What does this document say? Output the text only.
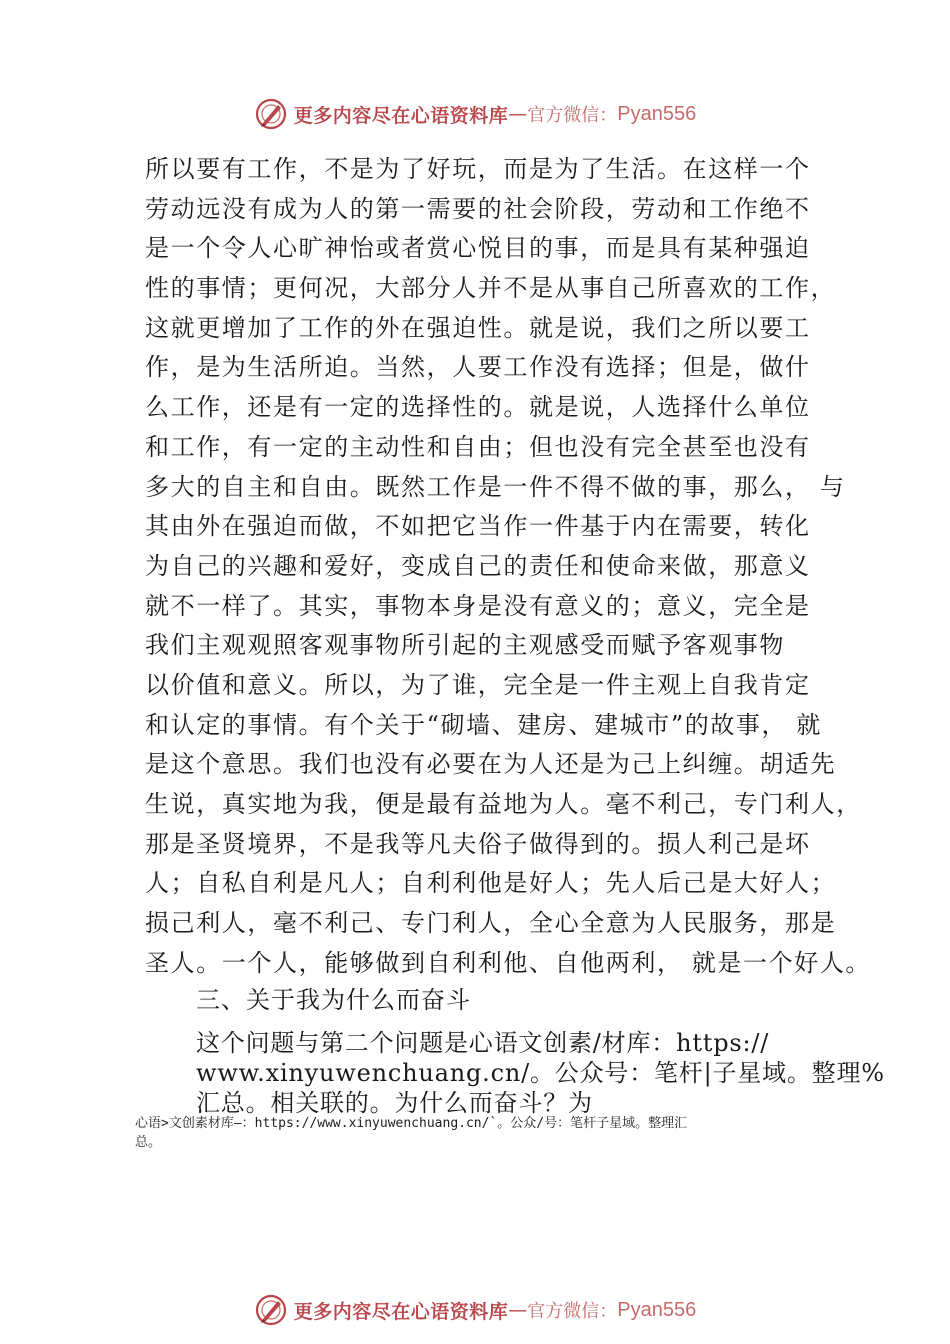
更多内容尽在心语资料库 — 官方微信： Pyan556
所以要有工作，不是为了好玩，而是为了生活。在这样一个
劳动远没有成为人的第一需要的社会阶段，劳动和工作绝不
是一个令人心旷神怡或者赏心悦目的事，而是具有某种强迫
性的事情；更何况，大部分人并不是从事自己所喜欢的工作，
这就更增加了工作的外在强迫性。就是说，我们之所以要工
作，是为生活所迫。当然，人要工作没有选择；但是，做什
么工作，还是有一定的选择性的。就是说，人选择什么单位
和工作，有一定的主动性和自由；但也没有完全甚至也没有
多大的自主和自由。既然工作是一件不得不做的事，那么， 与
其由外在强迫而做，不如把它当作一件基于内在需要，转化
为自己的兴趣和爱好，变成自己的责任和使命来做，那意义
就不一样了。其实，事物本身是没有意义的；意义，完全是
我们主观观照客观事物所引起的主观感受而赋予客观事物
以价值和意义。所以，为了谁，完全是一件主观上自我肯定
和认定的事情。有个关于“砌墙、建房、建城市”的故事， 就
是这个意思。我们也没有必要在为人还是为己上纠缠。胡适先
生说，真实地为我，便是最有益地为人。毫不利己，专门利人，
那是圣贤境界，不是我等凡夫俗子做得到的。损人利己是坏
人；自私自利是凡人；自利利他是好人；先人后己是大好人；
损己利人，毫不利己、专门利人，全心全意为人民服务，那是
圣人。一个人，能够做到自利利他、自他两利， 就是一个好人。
三、关于我为什么而奋斗
这个问题与第二个问题是心语文创素/材库：https://
www.xinyuwenchuang.cn/。公众号：笔杆|子星域。整理%
汇总。相关联的。为什么而奋斗？为
心语>文创素材库—：https://www.xinyuwenchuang.cn/`。公众/号：笔杆子星域。整理汇
总。
更多内容尽在心语资料库 — 官方微信： Pyan556
